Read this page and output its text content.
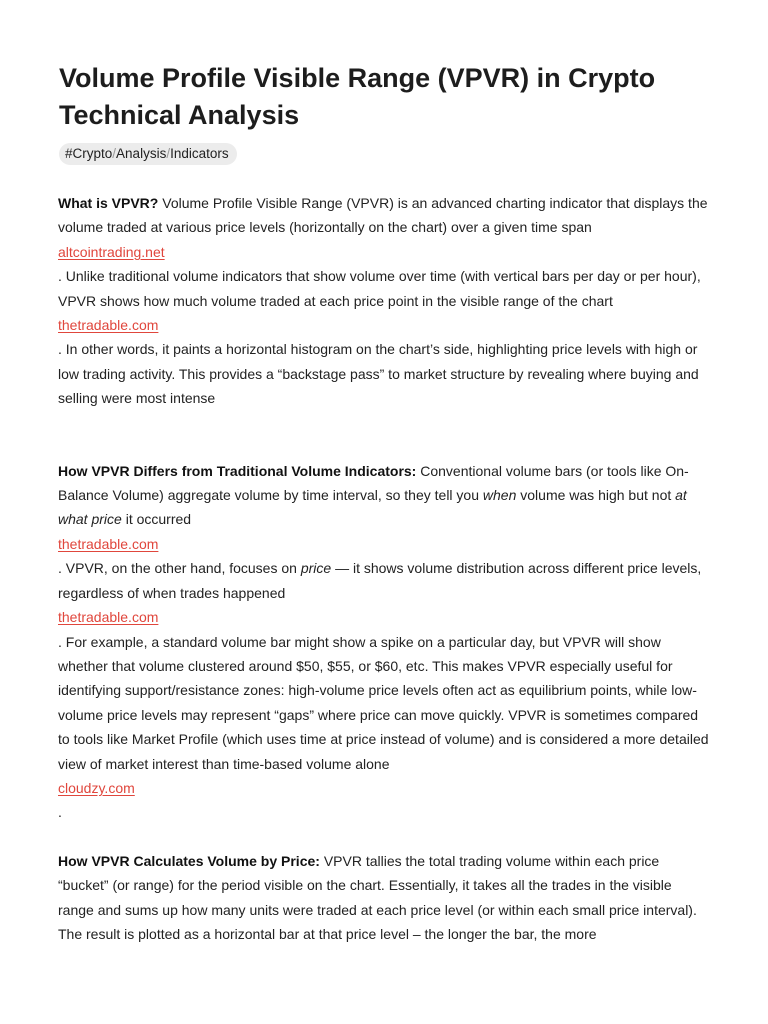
Volume Profile Visible Range (VPVR) in Crypto Technical Analysis
#Crypto/Analysis/Indicators

What is VPVR? Volume Profile Visible Range (VPVR) is an advanced charting indicator that displays the volume traded at various price levels (horizontally on the chart) over a given time span
altcointrading.net
. Unlike traditional volume indicators that show volume over time (with vertical bars per day or per hour), VPVR shows how much volume traded at each price point in the visible range of the chart
thetradable.com
. In other words, it paints a horizontal histogram on the chart’s side, highlighting price levels with high or low trading activity. This provides a “backstage pass” to market structure by revealing where buying and selling were most intense

How VPVR Differs from Traditional Volume Indicators: Conventional volume bars (or tools like On-Balance Volume) aggregate volume by time interval, so they tell you when volume was high but not at what price it occurred
thetradable.com
. VPVR, on the other hand, focuses on price — it shows volume distribution across different price levels, regardless of when trades happened
thetradable.com
. For example, a standard volume bar might show a spike on a particular day, but VPVR will show whether that volume clustered around $50, $55, or $60, etc. This makes VPVR especially useful for identifying support/resistance zones: high-volume price levels often act as equilibrium points, while low-volume price levels may represent “gaps” where price can move quickly. VPVR is sometimes compared to tools like Market Profile (which uses time at price instead of volume) and is considered a more detailed view of market interest than time-based volume alone
cloudzy.com
.

How VPVR Calculates Volume by Price: VPVR tallies the total trading volume within each price “bucket” (or range) for the period visible on the chart. Essentially, it takes all the trades in the visible range and sums up how many units were traded at each price level (or within each small price interval). The result is plotted as a horizontal bar at that price level – the longer the bar, the more
